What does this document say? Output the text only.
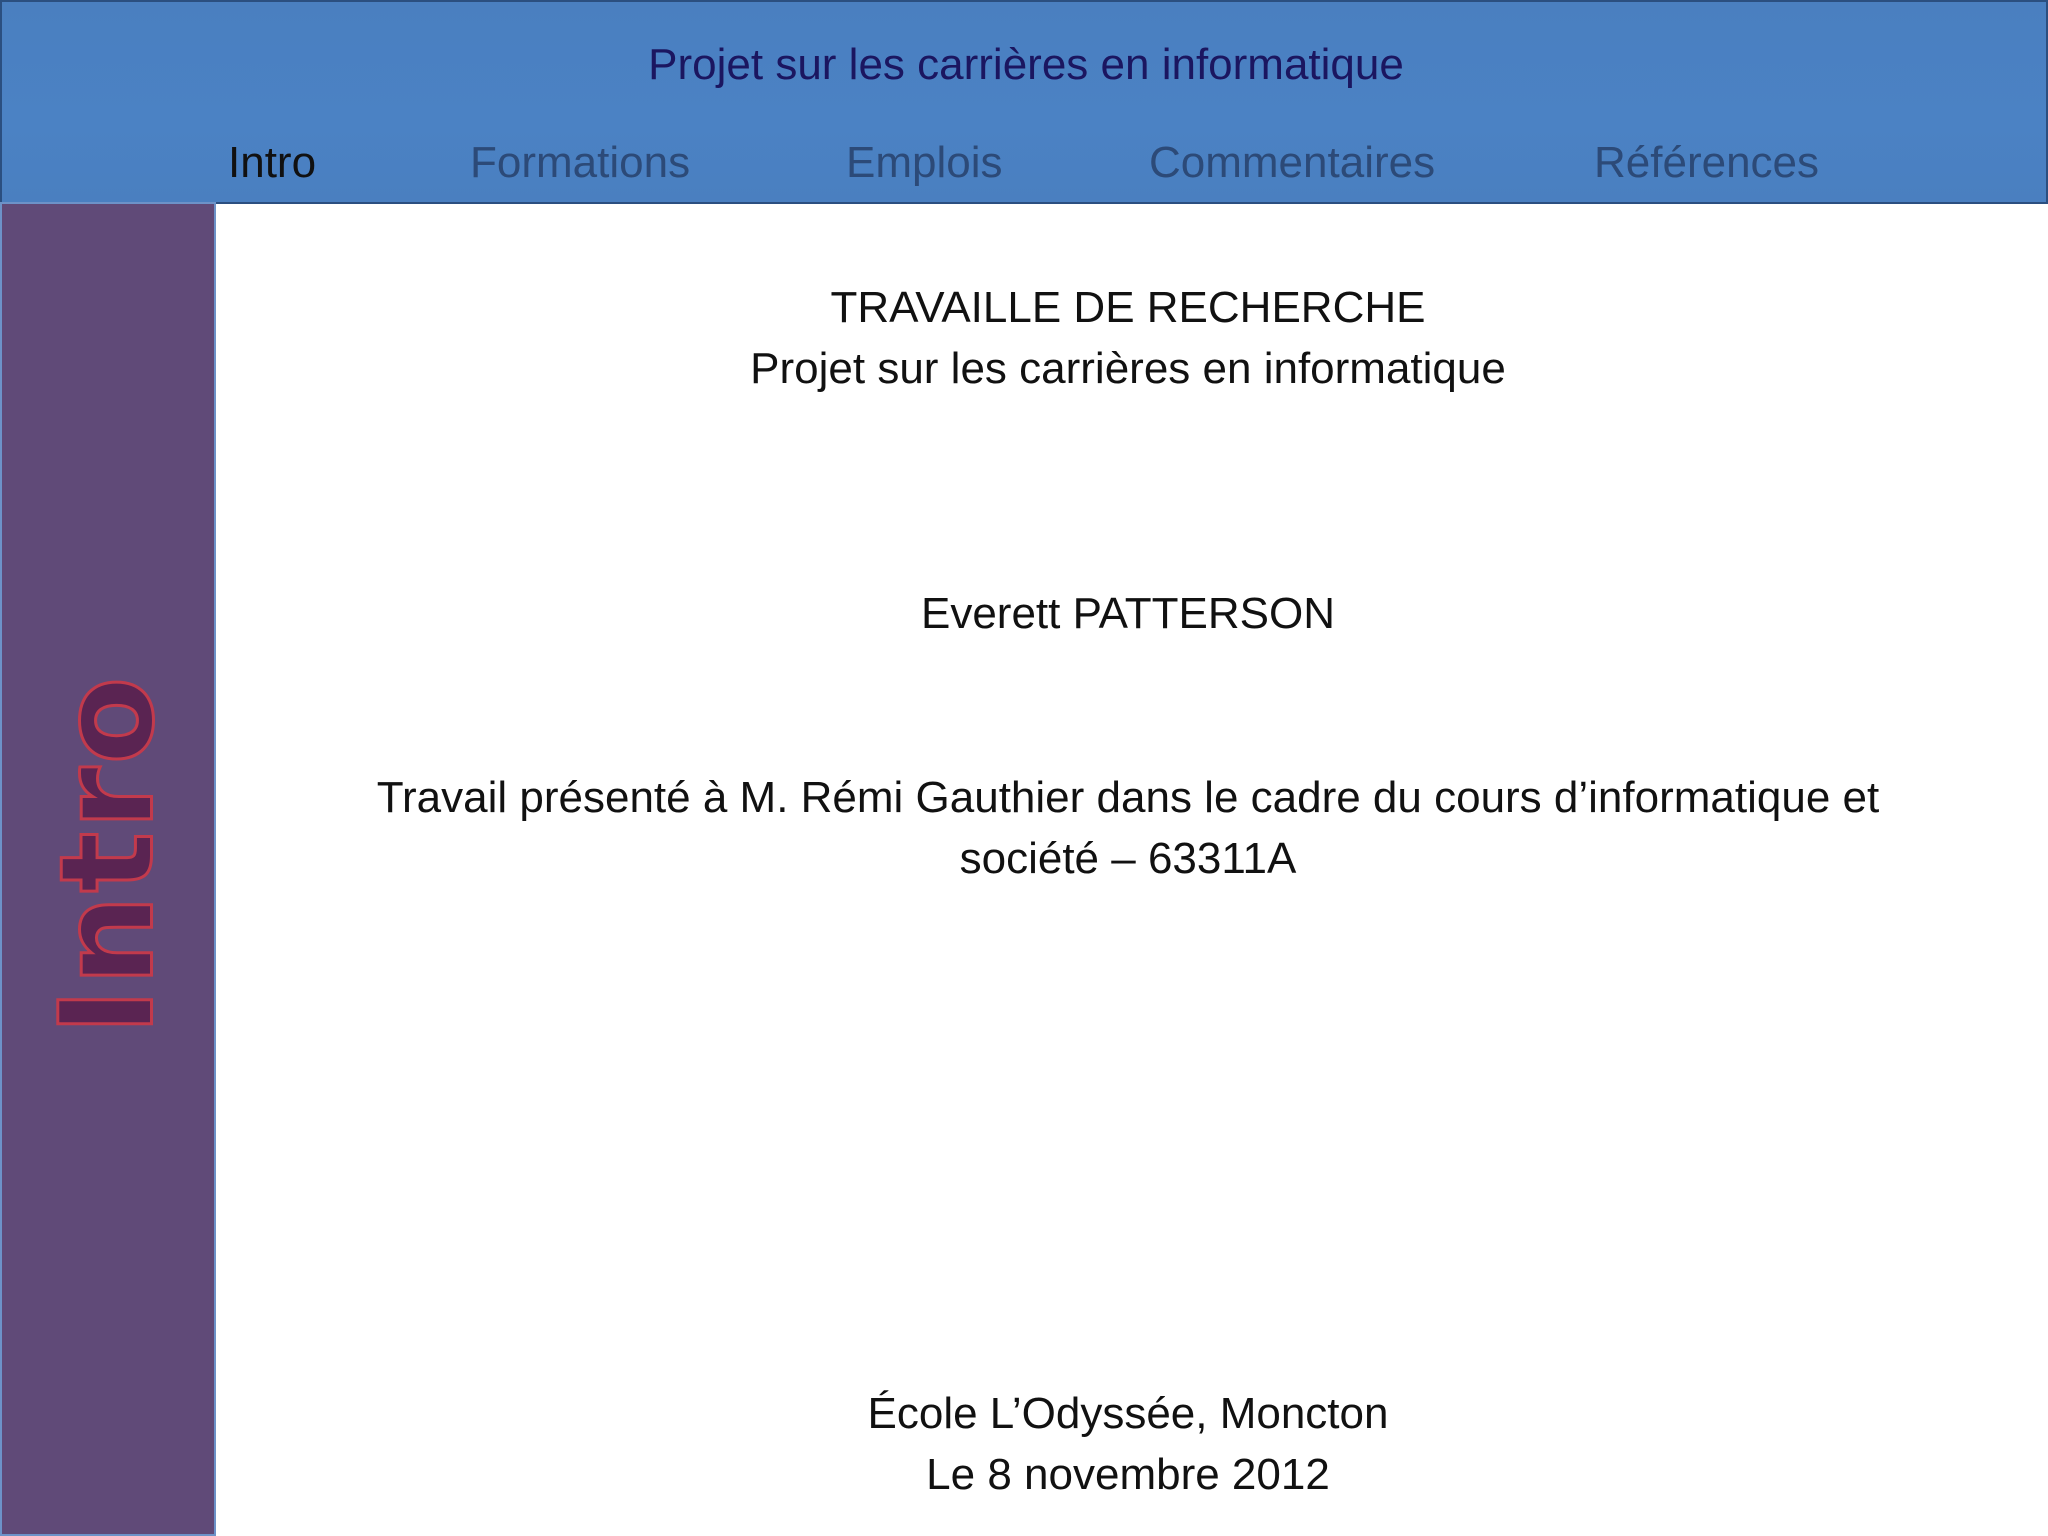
Projet sur les carrières en informatique
Intro	Formations	Emplois	Commentaires	Références
Intro
TRAVAILLE DE RECHERCHE
Projet sur les carrières en informatique
Everett PATTERSON
Travail présenté à M. Rémi Gauthier dans le cadre du cours d’informatique et
société – 63311A
École L’Odyssée, Moncton
Le 8 novembre 2012
